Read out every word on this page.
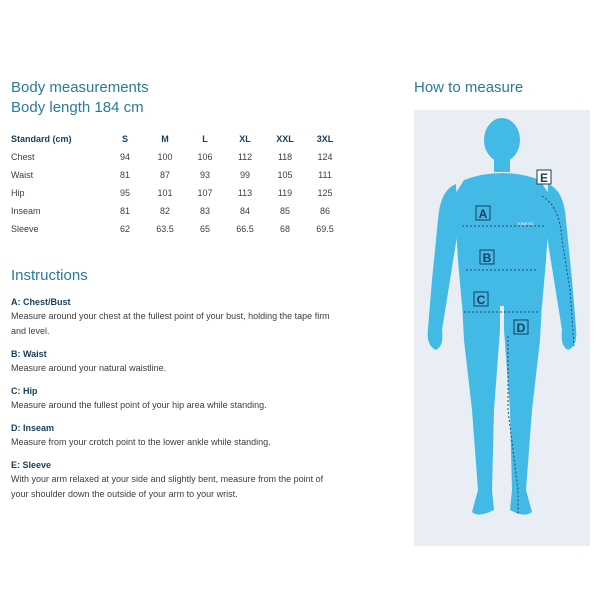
Body measurements
Body length 184 cm
Standard (cm)	S	M	L	XL	XXL	3XL
Chest	94	100	106	112	118	124
Waist	81	87	93	99	105	111
Hip	95	101	107	113	119	125
Inseam	81	82	83	84	85	86
Sleeve	62	63.5	65	66.5	68	69.5
Instructions
A: Chest/Bust
Measure around your chest at the fullest point of your bust, holding the tape firm and level.
B: Waist
Measure around your natural waistline.
C: Hip
Measure around the fullest point of your hip area while standing.
D: Inseam
Measure from your crotch point to the lower ankle while standing.
E: Sleeve
With your arm relaxed at your side and slightly bent, measure from the point of your shoulder down the outside of your arm to your wrist.
How to measure
KINETIC
A
B
C
D
E
